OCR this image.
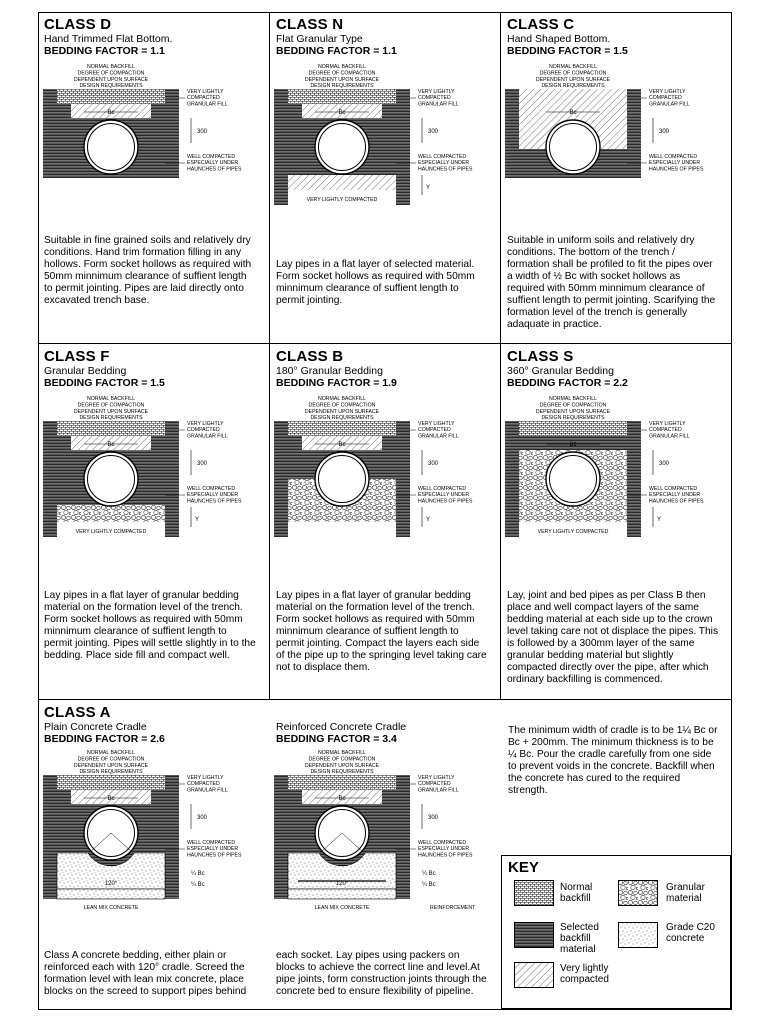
CLASS D
Hand Trimmed Flat Bottom.
BEDDING FACTOR = 1.1
NORMAL BACKFILL
DEGREE OF COMPACTION
DEPENDENT UPON SURFACE
DESIGN REQUIREMENTS
Bc
300
VERY LIGHTLY
COMPACTED
GRANULAR FILL
WELL COMPACTED
ESPECIALLY UNDER
HAUNCHES OF PIPES
Suitable in fine grained soils and relatively dry
conditions. Hand trim formation filling in any
hollows. Form socket hollows as required with
50mm minnimum clearance of suffient length
to permit jointing. Pipes are laid directly onto
excavated trench base.
CLASS N
Flat Granular Type
BEDDING FACTOR = 1.1
NORMAL BACKFILL
DEGREE OF COMPACTION
DEPENDENT UPON SURFACE
DESIGN REQUIREMENTS
Bc
300
VERY LIGHTLY
COMPACTED
GRANULAR FILL
WELL COMPACTED
ESPECIALLY UNDER
HAUNCHES OF PIPES
Y
VERY LIGHTLY COMPACTED
Lay pipes in a flat layer of selected material.
Form socket hollows as required with 50mm
minnimum clearance of suffient length to
permit jointing.
CLASS C
Hand Shaped Bottom.
BEDDING FACTOR = 1.5
NORMAL BACKFILL
DEGREE OF COMPACTION
DEPENDENT UPON SURFACE
DESIGN REQUIREMENTS
Bc
300
VERY LIGHTLY
COMPACTED
GRANULAR FILL
WELL COMPACTED
ESPECIALLY UNDER
HAUNCHES OF PIPES
Suitable in uniform soils and relatively dry
conditions. The bottom of the trench /
formation shall be profiled to fit the pipes over
a width of ½ Bc with socket hollows as
required with 50mm minnimum clearance of
suffient length to permit jointing. Scarifying the
formation level of the trench is generally
adaquate in practice.
CLASS F
Granular Bedding
BEDDING FACTOR = 1.5
NORMAL BACKFILL
DEGREE OF COMPACTION
DEPENDENT UPON SURFACE
DESIGN REQUIREMENTS
Bc
300
VERY LIGHTLY
COMPACTED
GRANULAR FILL
WELL COMPACTED
ESPECIALLY UNDER
HAUNCHES OF PIPES
Y
VERY LIGHTLY COMPACTED
Lay pipes in a flat layer of granular bedding
material on the formation level of the trench.
Form socket hollows as required with 50mm
minnimum clearance of suffient length to
permit jointing. Pipes will settle slightly in to the
bedding. Place side fill and compact well.
CLASS B
180° Granular Bedding
BEDDING FACTOR = 1.9
NORMAL BACKFILL
DEGREE OF COMPACTION
DEPENDENT UPON SURFACE
DESIGN REQUIREMENTS
Bc
300
VERY LIGHTLY
COMPACTED
GRANULAR FILL
WELL COMPACTED
ESPECIALLY UNDER
HAUNCHES OF PIPES
Y
Lay pipes in a flat layer of granular bedding
material on the formation level of the trench.
Form socket hollows as required with 50mm
minnimum clearance of suffient length to
permit jointing. Compact the layers each side
of the pipe up to the springing level taking care
not to displace them.
CLASS S
360° Granular Bedding
BEDDING FACTOR = 2.2
NORMAL BACKFILL
DEGREE OF COMPACTION
DEPENDENT UPON SURFACE
DESIGN REQUIREMENTS
Bc
300
VERY LIGHTLY
COMPACTED
GRANULAR FILL
WELL COMPACTED
ESPECIALLY UNDER
HAUNCHES OF PIPES
Y
VERY LIGHTLY COMPACTED
Lay, joint and bed pipes as per Class B then
place and well compact layers of the same
bedding material at each side up to the crown
level taking care not ot displace the pipes. This
is followed by a 300mm layer of the same
granular bedding material but slightly
compacted directly over the pipe, after which
ordinary backfilling is commenced.
CLASS A
Plain Concrete Cradle
BEDDING FACTOR = 2.6
NORMAL BACKFILL
DEGREE OF COMPACTION
DEPENDENT UPON SURFACE
DESIGN REQUIREMENTS
Bc
300
VERY LIGHTLY
COMPACTED
GRANULAR FILL
WELL COMPACTED
ESPECIALLY UNDER
HAUNCHES OF PIPES
120°
¼ Bc
¼ Bc
LEAN MIX CONCRETE
Class A concrete bedding, either plain or
reinforced each with 120° cradle. Screed the
formation level with lean mix concrete, place
blocks on the screed to support pipes behind
Reinforced Concrete Cradle
BEDDING FACTOR = 3.4
NORMAL BACKFILL
DEGREE OF COMPACTION
DEPENDENT UPON SURFACE
DESIGN REQUIREMENTS
Bc
300
VERY LIGHTLY
COMPACTED
GRANULAR FILL
WELL COMPACTED
ESPECIALLY UNDER
HAUNCHES OF PIPES
120°
¼ Bc
¼ Bc
LEAN MIX CONCRETE	REINFORCEMENT
each socket. Lay pipes using packers on
blocks to achieve the correct line and level.At
pipe joints, form construction joints through the
concrete bed to ensure flexibility of pipeline.
The minimum width of cradle is to be 1¼ Bc or
Bc + 200mm. The minimum thickness is to be
¼ Bc. Pour the cradle carefully from one side
to prevent voids in the concrete. Backfill when
the concrete has cured to the required
strength.
KEY
Normal
backfill
Granular
material
Selected
backfill
material
Grade C20
concrete
Very lightly
compacted
